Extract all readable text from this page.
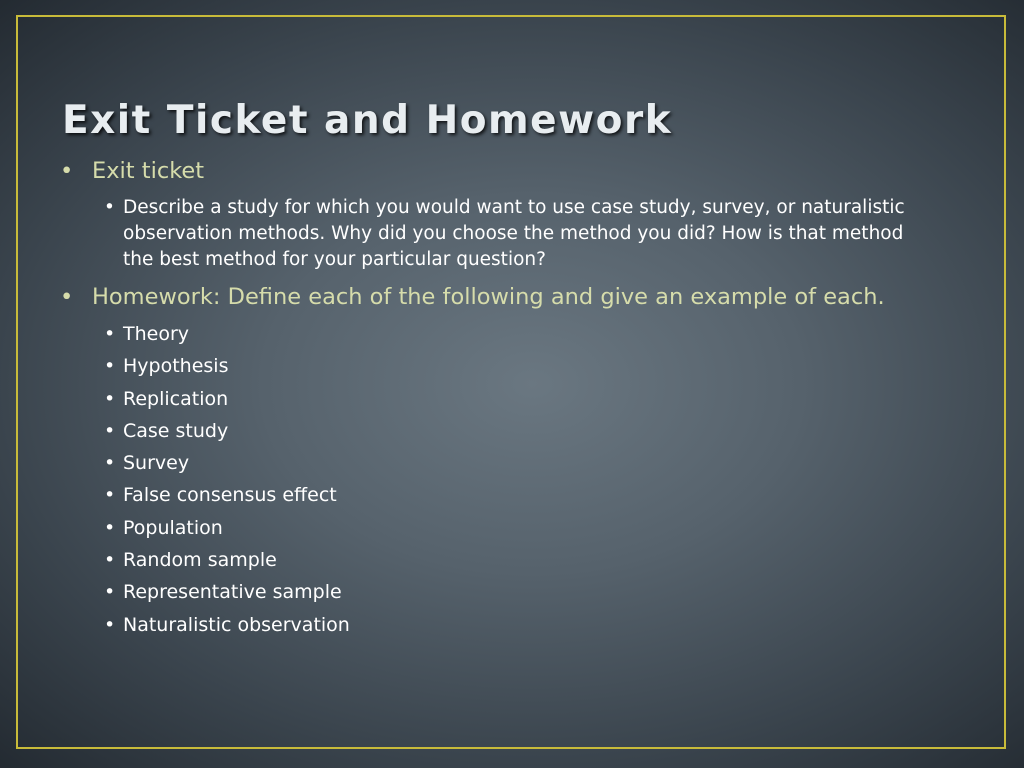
Exit Ticket and Homework
• Exit ticket
• Describe a study for which you would want to use case study, survey, or naturalistic observation methods. Why did you choose the method you did? How is that method the best method for your particular question?
• Homework: Define each of the following and give an example of each.
• Theory
• Hypothesis
• Replication
• Case study
• Survey
• False consensus effect
• Population
• Random sample
• Representative sample
• Naturalistic observation
